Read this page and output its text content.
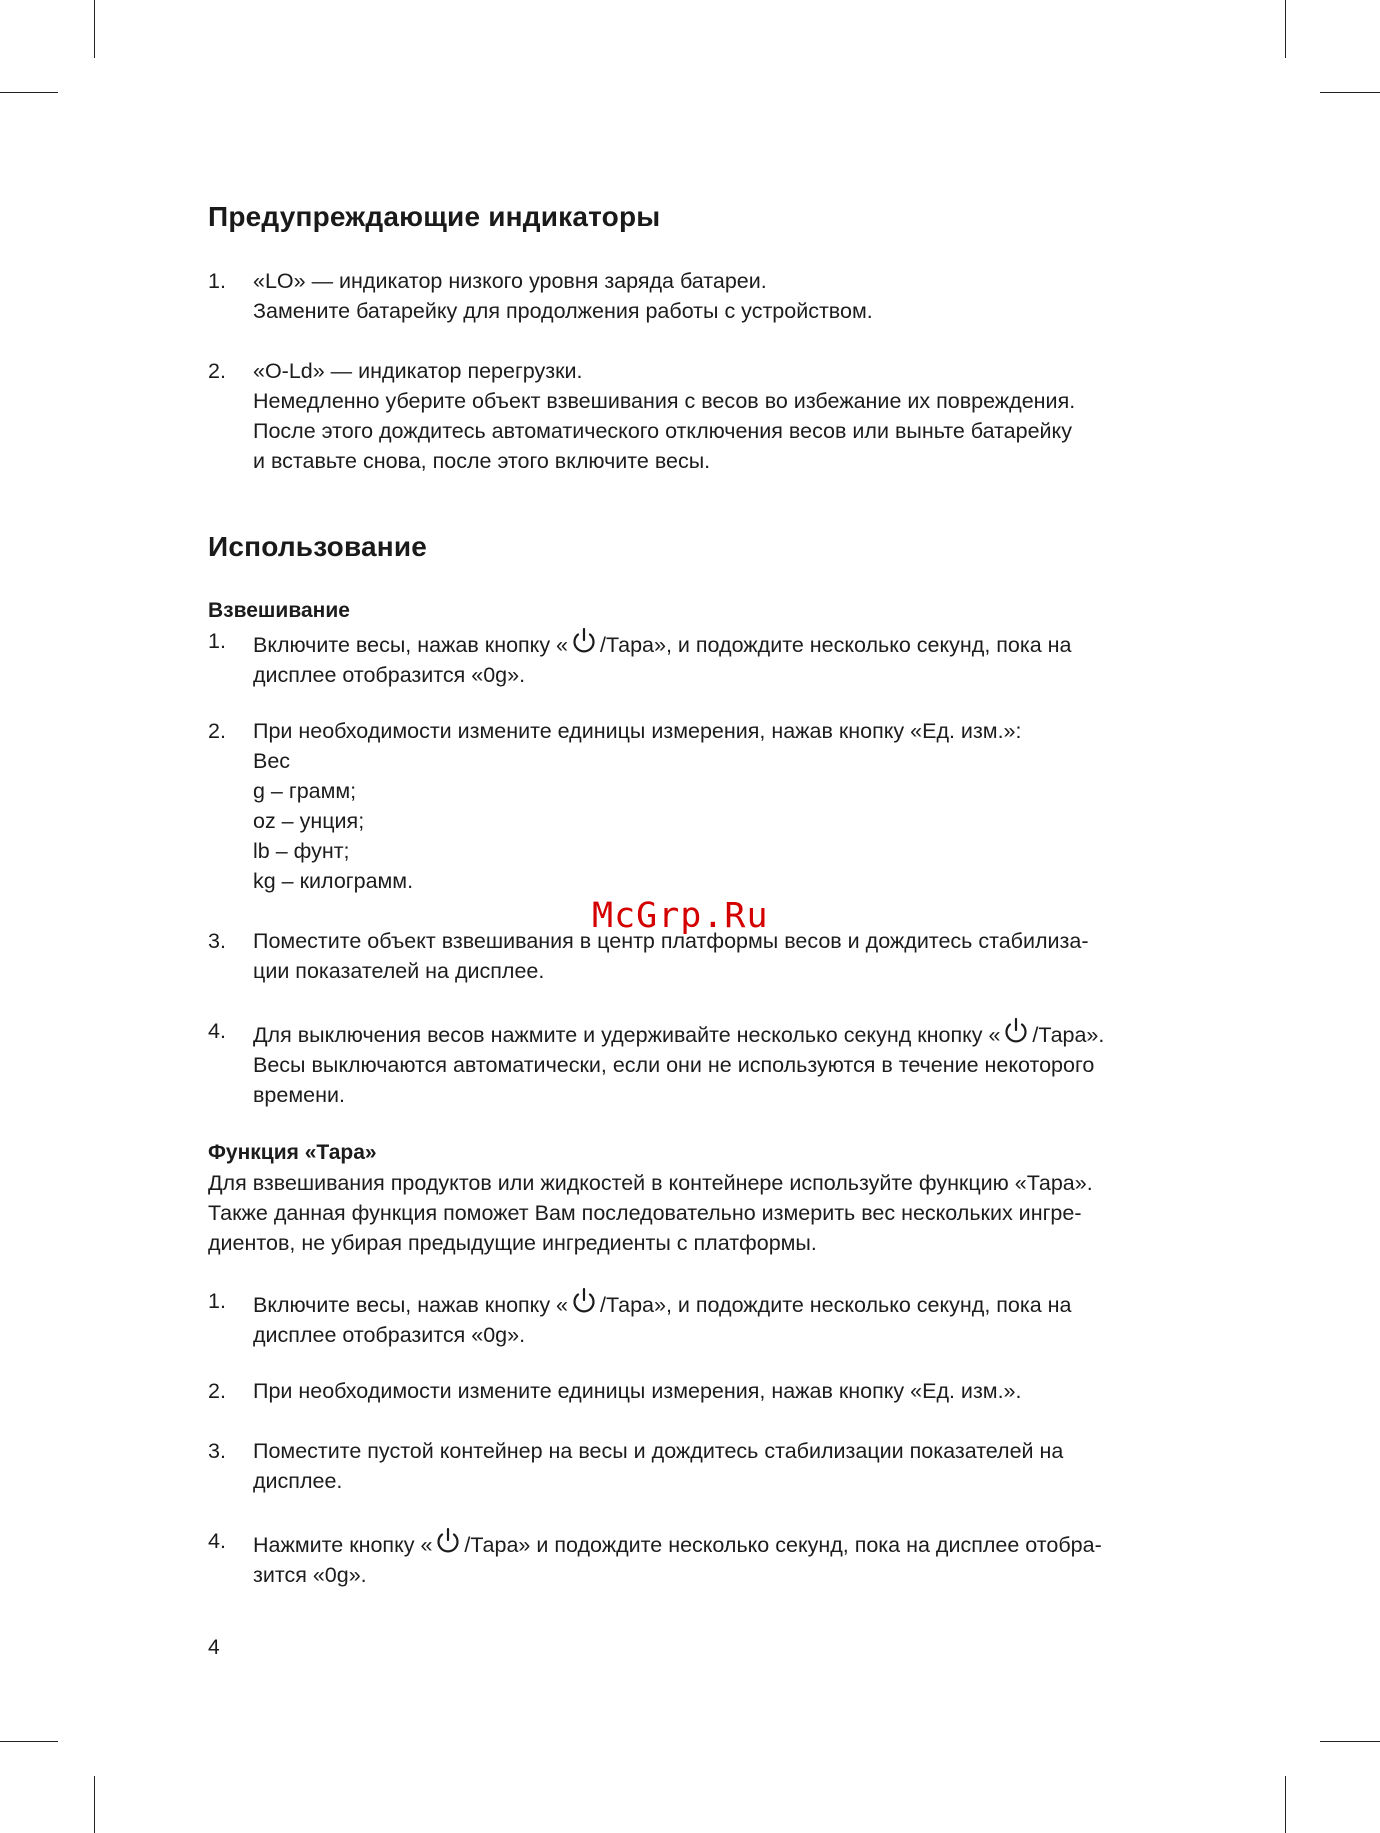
Предупреждающие индикаторы
1. «LO» — индикатор низкого уровня заряда батареи.
Замените батарейку для продолжения работы с устройством.
2. «O-Ld» — индикатор перегрузки.
Немедленно уберите объект взвешивания с весов во избежание их повреждения.
После этого дождитесь автоматического отключения весов или выньте батарейку
и вставьте снова, после этого включите весы.
Использование
Взвешивание
1. Включите весы, нажав кнопку « /Тара», и подождите несколько секунд, пока на
дисплее отобразится «0g».
2. При необходимости измените единицы измерения, нажав кнопку «Ед. изм.»:
Вес
g – грамм;
oz – унция;
lb – фунт;
kg – килограмм.
3. Поместите объект взвешивания в центр платформы весов и дождитесь стабилиза-
ции показателей на дисплее.
4. Для выключения весов нажмите и удерживайте несколько секунд кнопку « /Тара».
Весы выключаются автоматически, если они не используются в течение некоторого
времени.
Функция «Тара»
Для взвешивания продуктов или жидкостей в контейнере используйте функцию «Тара».
Также данная функция поможет Вам последовательно измерить вес нескольких ингре-
диентов, не убирая предыдущие ингредиенты с платформы.
1. Включите весы, нажав кнопку « /Тара», и подождите несколько секунд, пока на
дисплее отобразится «0g».
2. При необходимости измените единицы измерения, нажав кнопку «Ед. изм.».
3. Поместите пустой контейнер на весы и дождитесь стабилизации показателей на
дисплее.
4. Нажмите кнопку « /Тара» и подождите несколько секунд, пока на дисплее отобра-
зится «0g».
McGrp.Ru
4
